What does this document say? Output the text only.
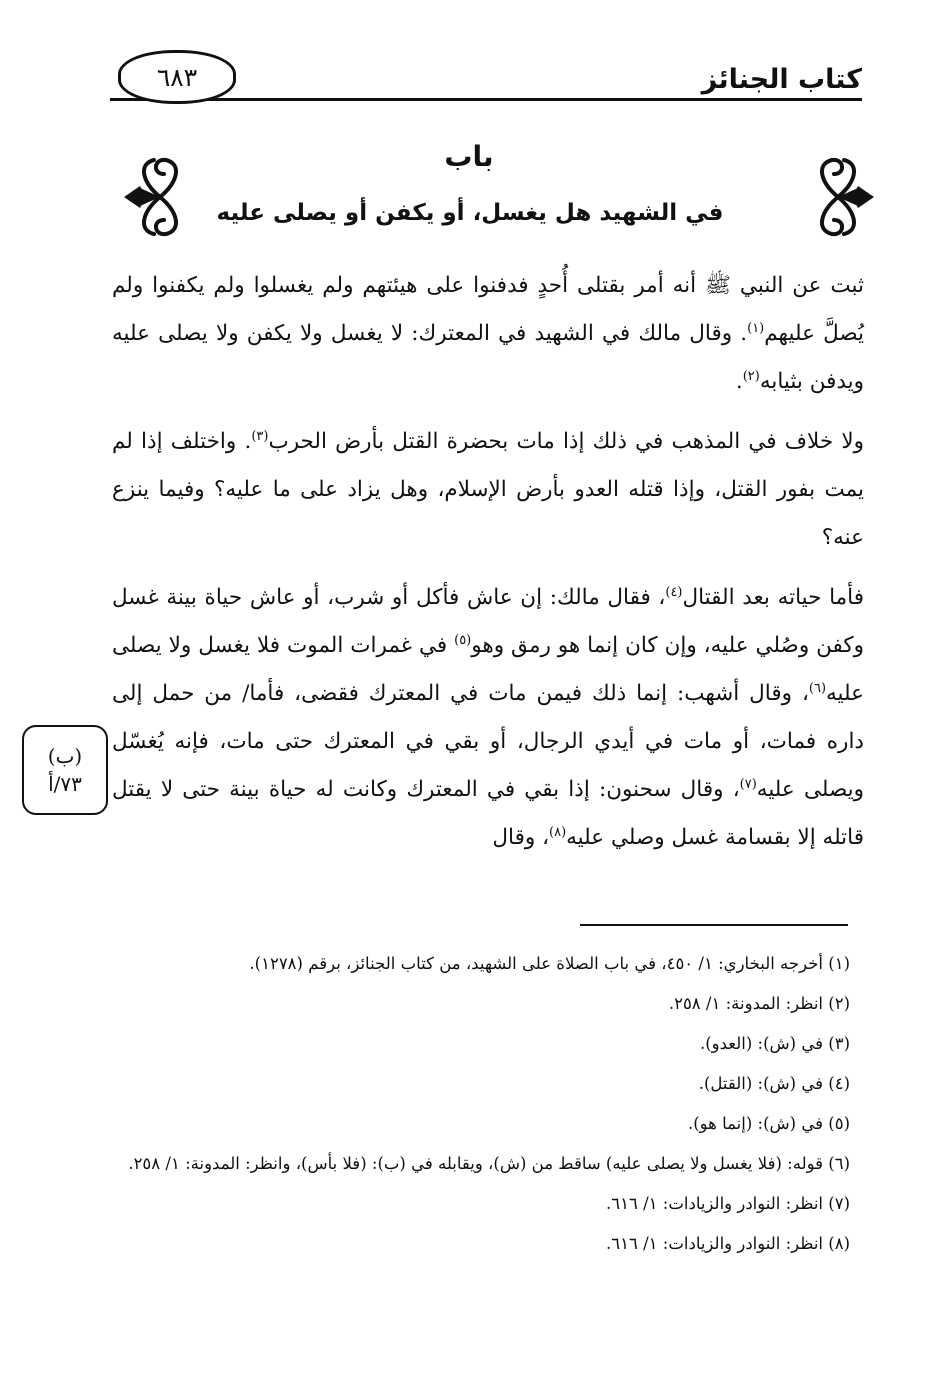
٦٨٣	كتاب الجنائز
باب
في الشهيد هل يغسل، أو يكفن أو يصلى عليه

ثبت عن النبي ﷺ أنه أمر بقتلى أُحدٍ فدفنوا على هيئتهم ولم يغسلوا ولم يكفنوا ولم يُصلَّ عليهم$^{(١)}$. وقال مالك في الشهيد في المعترك: لا يغسل ولا يكفن ولا يصلى عليه ويدفن بثيابه$^{(٢)}$.

ولا خلاف في المذهب في ذلك إذا مات بحضرة القتل بأرض الحرب$^{(٣)}$. واختلف إذا لم يمت بفور القتل، وإذا قتله العدو بأرض الإسلام، وهل يزاد على ما عليه؟ وفيما ينزع عنه؟

فأما حياته بعد القتال$^{(٤)}$، فقال مالك: إن عاش فأكل أو شرب، أو عاش حياة بينة غسل وكفن وصُلي عليه، وإن كان إنما هو رمق وهو$^{(٥)}$ في غمرات الموت فلا يغسل ولا يصلى عليه$^{(٦)}$، وقال أشهب: إنما ذلك فيمن مات في المعترك فقضى، فأما/ من حمل إلى داره فمات، أو مات في أيدي الرجال، أو بقي في المعترك حتى مات، فإنه يُغسّل ويصلى عليه$^{(٧)}$، وقال سحنون: إذا بقي في المعترك وكانت له حياة بينة حتى لا يقتل قاتله إلا بقسامة غسل وصلي عليه$^{(٨)}$، وقال

(ب)
٧٣/أ
(١) أخرجه البخاري: ١/ ٤٥٠، في باب الصلاة على الشهيد، من كتاب الجنائز، برقم (١٢٧٨).
(٢) انظر: المدونة: ١/ ٢٥٨.
(٣) في (ش): (العدو).
(٤) في (ش): (القتل).
(٥) في (ش): (إنما هو).
(٦) قوله: (فلا يغسل ولا يصلى عليه) ساقط من (ش)، ويقابله في (ب): (فلا بأس)، وانظر: المدونة: ١/ ٢٥٨.
(٧) انظر: النوادر والزيادات: ١/ ٦١٦.
(٨) انظر: النوادر والزيادات: ١/ ٦١٦.
